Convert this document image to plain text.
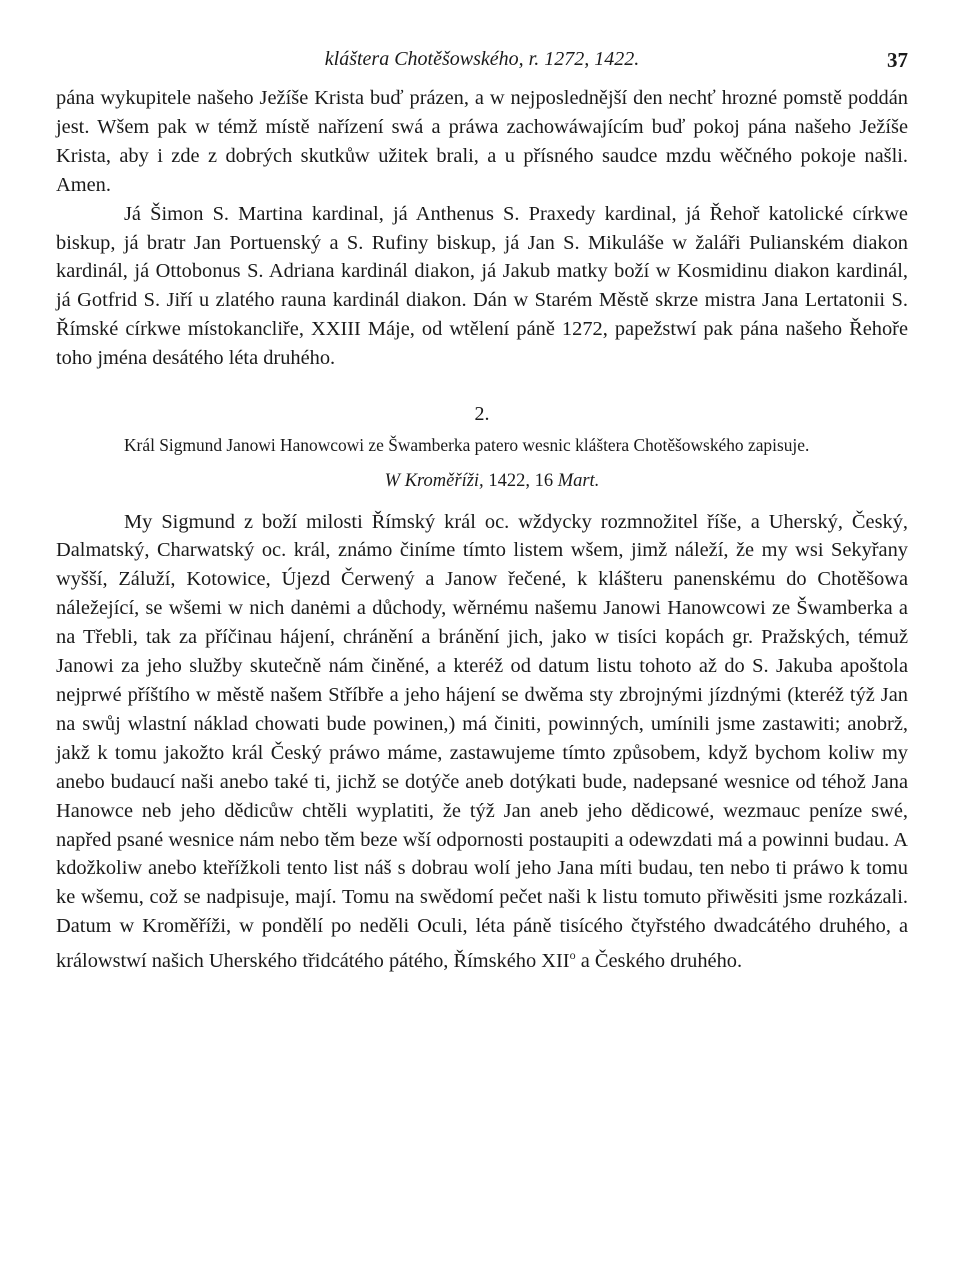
kláštera Chotěšowského, r. 1272, 1422.	37

pána wykupitele našeho Ježíše Krista buď prázen, a w nejposlednější den nechť hrozné pomstě poddán jest. Wšem pak w témž místě nařízení swá a práwa zachowáwajícím buď pokoj pána našeho Ježíše Krista, aby i zde z dobrých skutkůw užitek brali, a u přísného saudce mzdu wěčného pokoje našli. Amen.

Já Šimon S. Martina kardinal, já Anthenus S. Praxedy kardinal, já Řehoř katolické církwe biskup, já bratr Jan Portuenský a S. Rufiny biskup, já Jan S. Mikuláše w žaláři Pulianském diakon kardinál, já Ottobonus S. Adriana kardinál diakon, já Jakub matky boží w Kosmidinu diakon kardinál, já Gotfrid S. Jiří u zlatého rauna kardinál diakon. Dán w Starém Městě skrze mistra Jana Lertatonii S. Římské církwe místokancliře, XXIII Máje, od wtělení páně 1272, papežstwí pak pána našeho Řehoře toho jména desátého léta druhého.

2.

Král Sigmund Janowi Hanowcowi ze Šwamberka patero wesnic kláštera Chotěšowského zapisuje.

W Kroměříži, 1422, 16 Mart.

My Sigmund z boží milosti Římský král oc. wždycky rozmnožitel říše, a Uherský, Český, Dalmatský, Charwatský oc. král, známo činíme tímto listem wšem, jimž náleží, že my wsi Sekyřany wyšší, Záluží, Kotowice, Újezd Čerwený a Janow řečené, k klášteru panenskému do Chotěšowa náležející, se wšemi w nich danėmi a důchody, wěrnému našemu Janowi Hanowcowi ze Šwamberka a na Třebli, tak za příčinau hájení, chránění a bránění jich, jako w tisíci kopách gr. Pražských, témuž Janowi za jeho služby skutečně nám činěné, a kteréž od datum listu tohoto až do S. Jakuba apoštola nejprwé příštího w městě našem Stříbře a jeho hájení se dwěma sty zbrojnými jízdnými (kteréž týž Jan na swůj wlastní náklad chowati bude powinen,) má činiti, powinných, umínili jsme zastawiti; anobrž, jakž k tomu jakožto král Český práwo máme, zastawujeme tímto způsobem, když bychom koliw my anebo budaucí naši anebo také ti, jichž se dotýče aneb dotýkati bude, nadepsané wesnice od téhož Jana Hanowce neb jeho dědicůw chtěli wyplatiti, že týž Jan aneb jeho dědicowé, wezmauc peníze swé, napřed psané wesnice nám nebo těm beze wší odpornosti postaupiti a odewzdati má a powinni budau. A kdožkoliw anebo kteřížkoli tento list náš s dobrau wolí jeho Jana míti budau, ten nebo ti práwo k tomu ke wšemu, což se nadpisuje, mají. Tomu na swědomí pečet naši k listu tomuto přiwěsiti jsme rozkázali. Datum w Kroměříži, w pondělí po neděli Oculi, léta páně tisícého čtyřstého dwadcátého druhého, a králowstwí našich Uherského třidcátého pátého, Římského XII$^o$ a Českého druhého.
